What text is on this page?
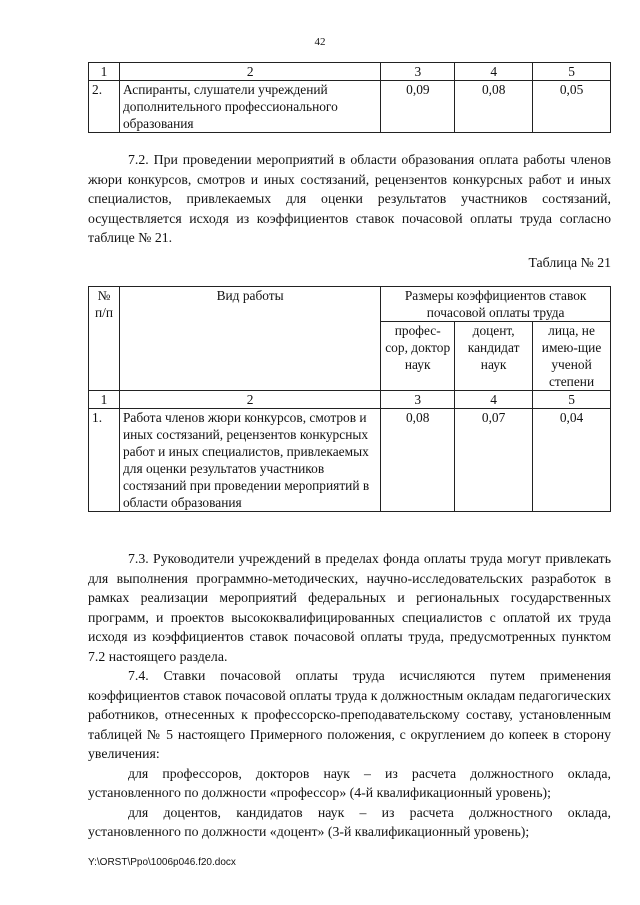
42
1	2	3	4	5
2.	Аспиранты, слушатели учреждений дополнительного профессионального образования	0,09	0,08	0,05

7.2. При проведении мероприятий в области образования оплата работы членов жюри конкурсов, смотров и иных состязаний, рецензентов конкурсных работ и иных специалистов, привлекаемых для оценки результатов участников состязаний, осуществляется исходя из коэффициентов ставок почасовой оплаты труда согласно таблице № 21.

Таблица № 21
№ п/п	Вид работы	Размеры коэффициентов ставок почасовой оплаты труда		
		профес-сор, доктор наук	доцент, кандидат наук	лица, не имею-щие ученой степени
1	2	3	4	5
1.	Работа членов жюри конкурсов, смотров и иных состязаний, рецензентов конкурсных работ и иных специалистов, привлекаемых для оценки результатов участников состязаний при проведении мероприятий в области образования	0,08	0,07	0,04

7.3. Руководители учреждений в пределах фонда оплаты труда могут привлекать для выполнения программно-методических, научно-исследовательских разработок в рамках реализации мероприятий федеральных и региональных государственных программ, и проектов высококвалифицированных специалистов с оплатой их труда исходя из коэффициентов ставок почасовой оплаты труда, предусмотренных пунктом 7.2 настоящего раздела.

7.4. Ставки почасовой оплаты труда исчисляются путем применения коэффициентов ставок почасовой оплаты труда к должностным окладам педагогических работников, отнесенных к профессорско-преподавательскому составу, установленным таблицей № 5 настоящего Примерного положения, с округлением до копеек в сторону увеличения:

для профессоров, докторов наук – из расчета должностного оклада, установленного по должности «профессор» (4-й квалификационный уровень);

для доцентов, кандидатов наук – из расчета должностного оклада, установленного по должности «доцент» (3-й квалификационный уровень);

Y:\ORST\Ppo\1006p046.f20.docx
